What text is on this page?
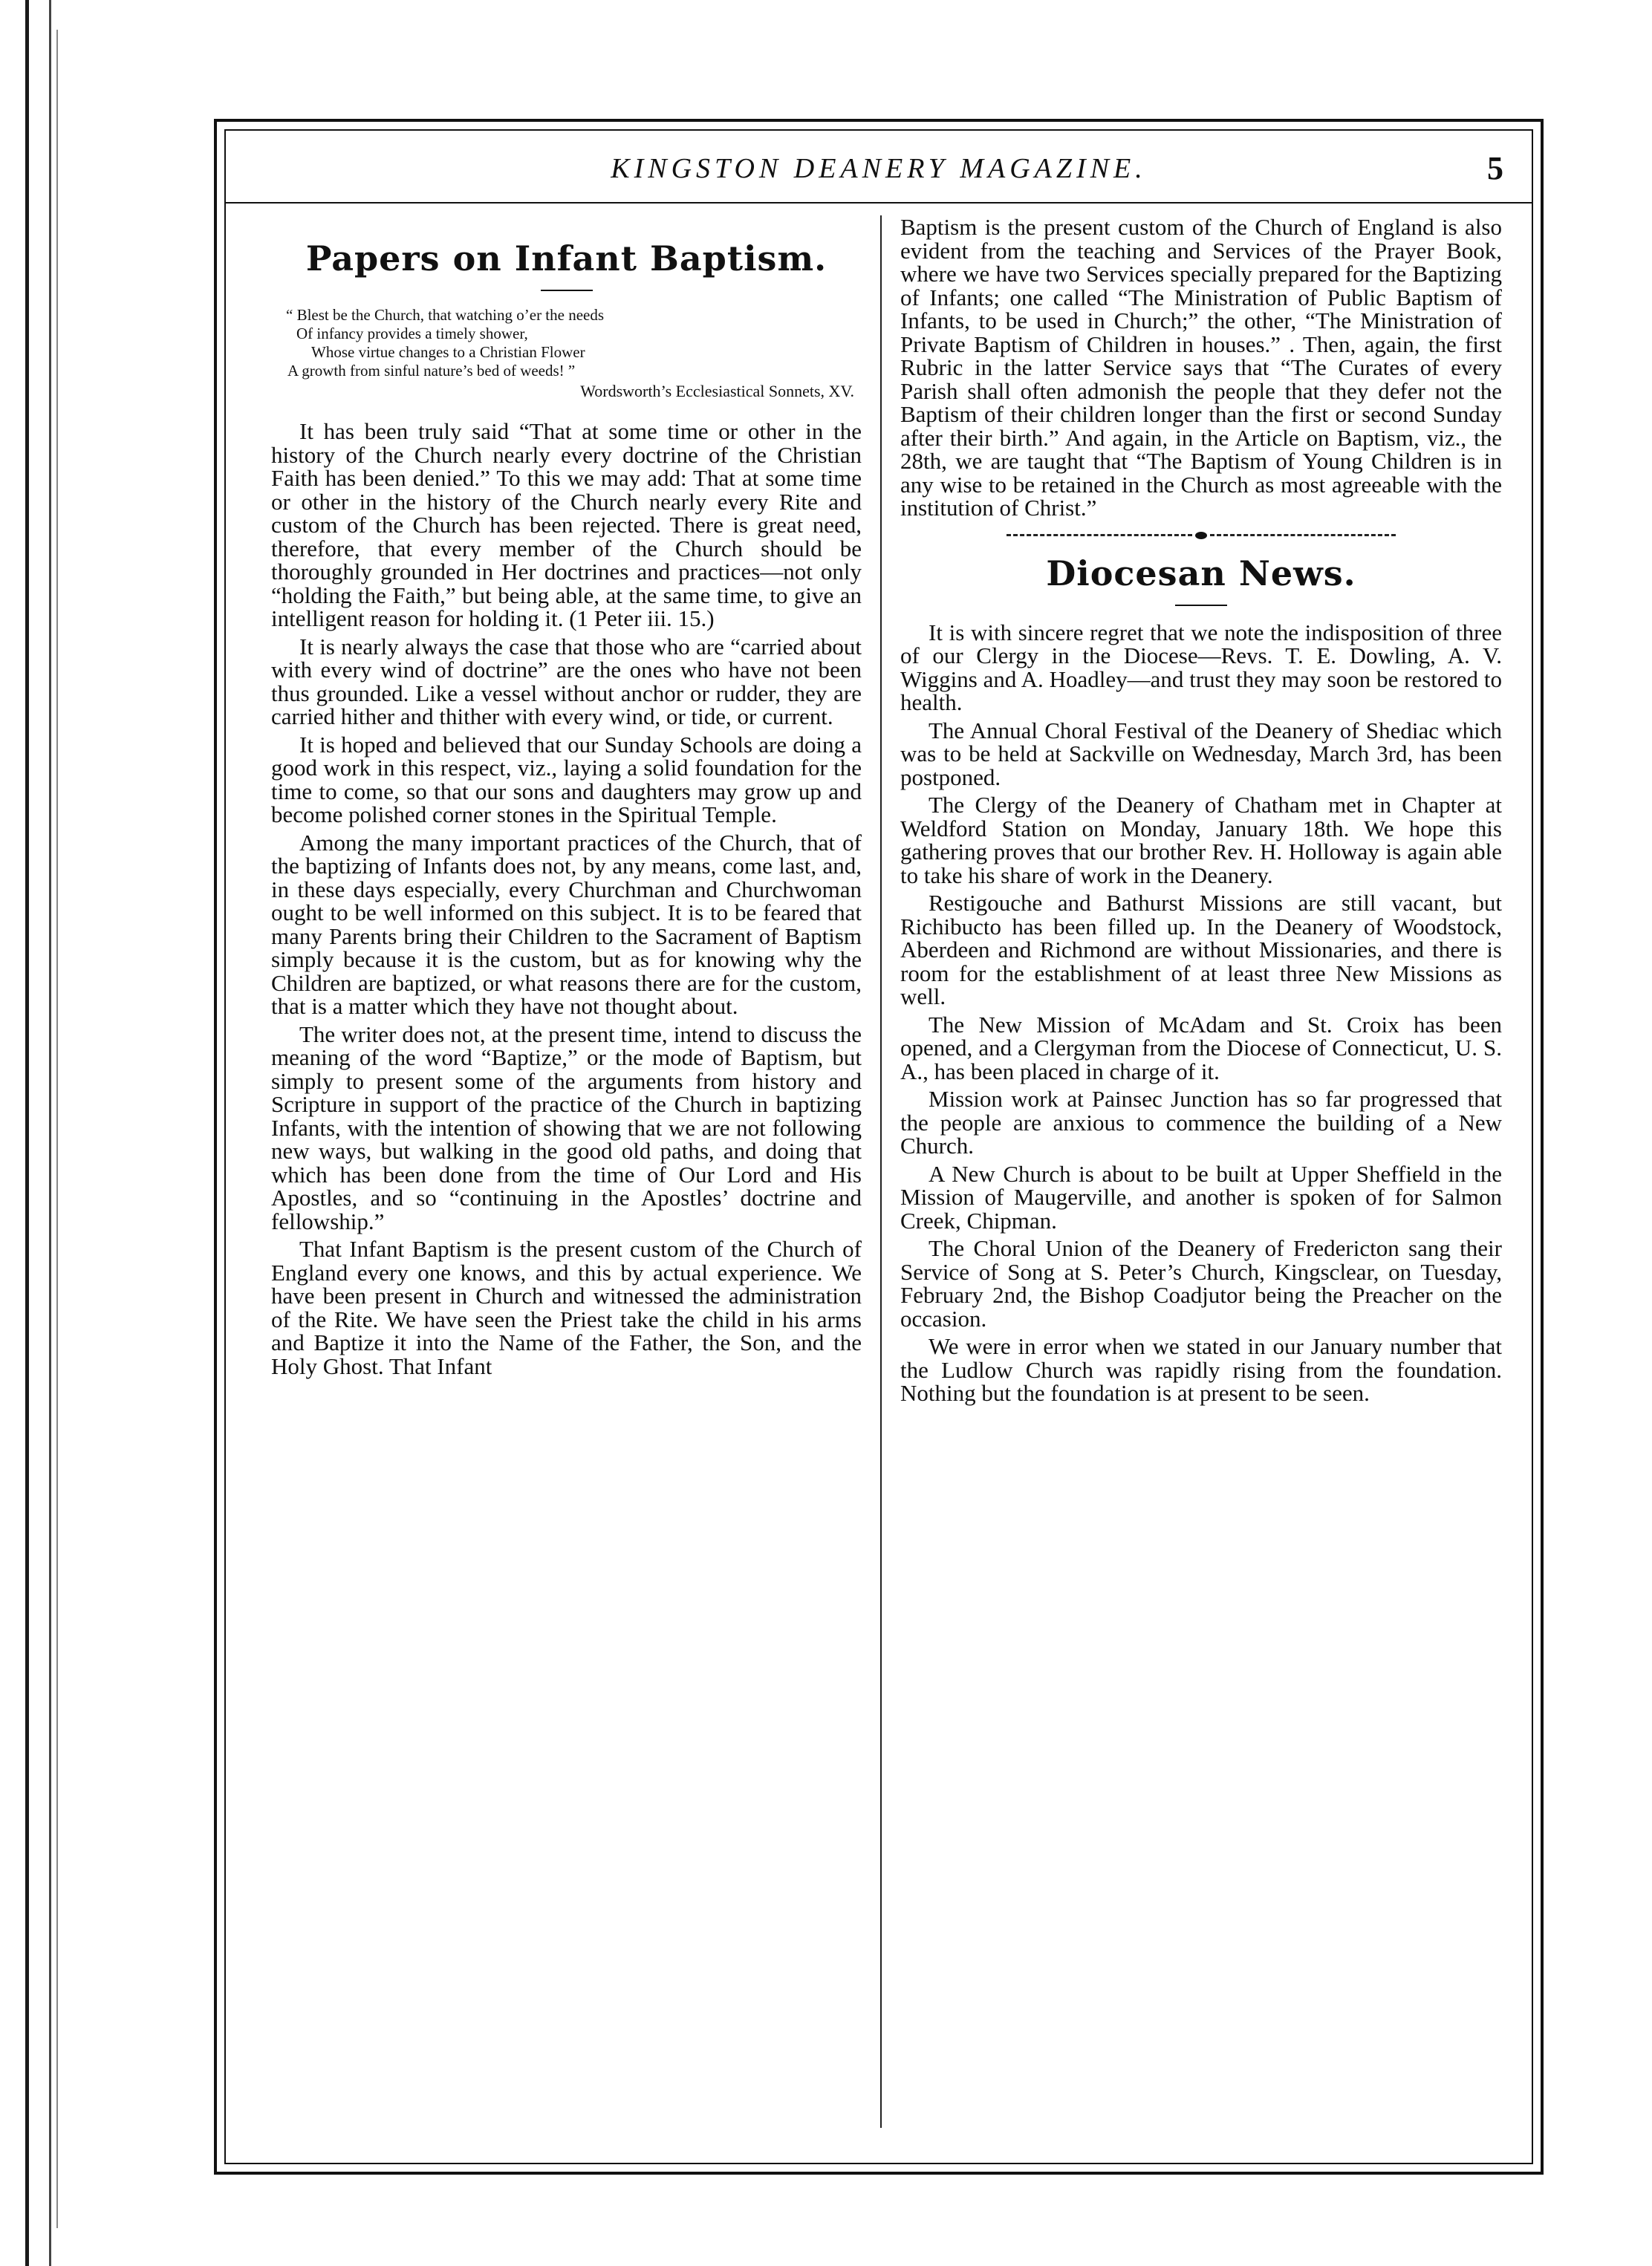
KINGSTON DEANERY MAGAZINE.	5
Papers on Infant Baptism.
“ Blest be the Church, that watching o’er the needs
Of infancy provides a timely shower,
Whose virtue changes to a Christian Flower
A growth from sinful nature’s bed of weeds! ”
Wordsworth’s Ecclesiastical Sonnets, XV.

It has been truly said “That at some time or other in the history of the Church nearly every doctrine of the Christian Faith has been denied.” To this we may add: That at some time or other in the history of the Church nearly every Rite and custom of the Church has been rejected. There is great need, therefore, that every member of the Church should be thoroughly grounded in Her doctrines and practices—not only “holding the Faith,” but being able, at the same time, to give an intelligent reason for holding it. (1 Peter iii. 15.)

It is nearly always the case that those who are “carried about with every wind of doctrine” are the ones who have not been thus grounded. Like a vessel without anchor or rudder, they are carried hither and thither with every wind, or tide, or current.

It is hoped and believed that our Sunday Schools are doing a good work in this respect, viz., laying a solid foundation for the time to come, so that our sons and daughters may grow up and become polished corner stones in the Spiritual Temple.

Among the many important practices of the Church, that of the baptizing of Infants does not, by any means, come last, and, in these days especially, every Churchman and Churchwoman ought to be well informed on this subject. It is to be feared that many Parents bring their Children to the Sacrament of Baptism simply because it is the custom, but as for knowing why the Children are baptized, or what reasons there are for the custom, that is a matter which they have not thought about.

The writer does not, at the present time, intend to discuss the meaning of the word “Baptize,” or the mode of Baptism, but simply to present some of the arguments from history and Scripture in support of the practice of the Church in baptizing Infants, with the intention of showing that we are not following new ways, but walking in the good old paths, and doing that which has been done from the time of Our Lord and His Apostles, and so “continuing in the Apostles’ doctrine and fellowship.”

That Infant Baptism is the present custom of the Church of England every one knows, and this by actual experience. We have been present in Church and witnessed the administration of the Rite. We have seen the Priest take the child in his arms and Baptize it into the Name of the Father, the Son, and the Holy Ghost. That Infant

Baptism is the present custom of the Church of England is also evident from the teaching and Services of the Prayer Book, where we have two Services specially prepared for the Baptizing of Infants; one called “The Ministration of Public Baptism of Infants, to be used in Church;” the other, “The Ministration of Private Baptism of Children in houses.” . Then, again, the first Rubric in the latter Service says that “The Curates of every Parish shall often admonish the people that they defer not the Baptism of their children longer than the first or second Sunday after their birth.” And again, in the Article on Baptism, viz., the 28th, we are taught that “The Baptism of Young Children is in any wise to be retained in the Church as most agreeable with the institution of Christ.”

Diocesan News.

It is with sincere regret that we note the indisposition of three of our Clergy in the Diocese—Revs. T. E. Dowling, A. V. Wiggins and A. Hoadley—and trust they may soon be restored to health.

The Annual Choral Festival of the Deanery of Shediac which was to be held at Sackville on Wednesday, March 3rd, has been postponed.

The Clergy of the Deanery of Chatham met in Chapter at Weldford Station on Monday, January 18th. We hope this gathering proves that our brother Rev. H. Holloway is again able to take his share of work in the Deanery.

Restigouche and Bathurst Missions are still vacant, but Richibucto has been filled up. In the Deanery of Woodstock, Aberdeen and Richmond are without Missionaries, and there is room for the establishment of at least three New Missions as well.

The New Mission of McAdam and St. Croix has been opened, and a Clergyman from the Diocese of Connecticut, U. S. A., has been placed in charge of it.

Mission work at Painsec Junction has so far progressed that the people are anxious to commence the building of a New Church.

A New Church is about to be built at Upper Sheffield in the Mission of Maugerville, and another is spoken of for Salmon Creek, Chipman.

The Choral Union of the Deanery of Fredericton sang their Service of Song at S. Peter’s Church, Kingsclear, on Tuesday, February 2nd, the Bishop Coadjutor being the Preacher on the occasion.

We were in error when we stated in our January number that the Ludlow Church was rapidly rising from the foundation. Nothing but the foundation is at present to be seen.
